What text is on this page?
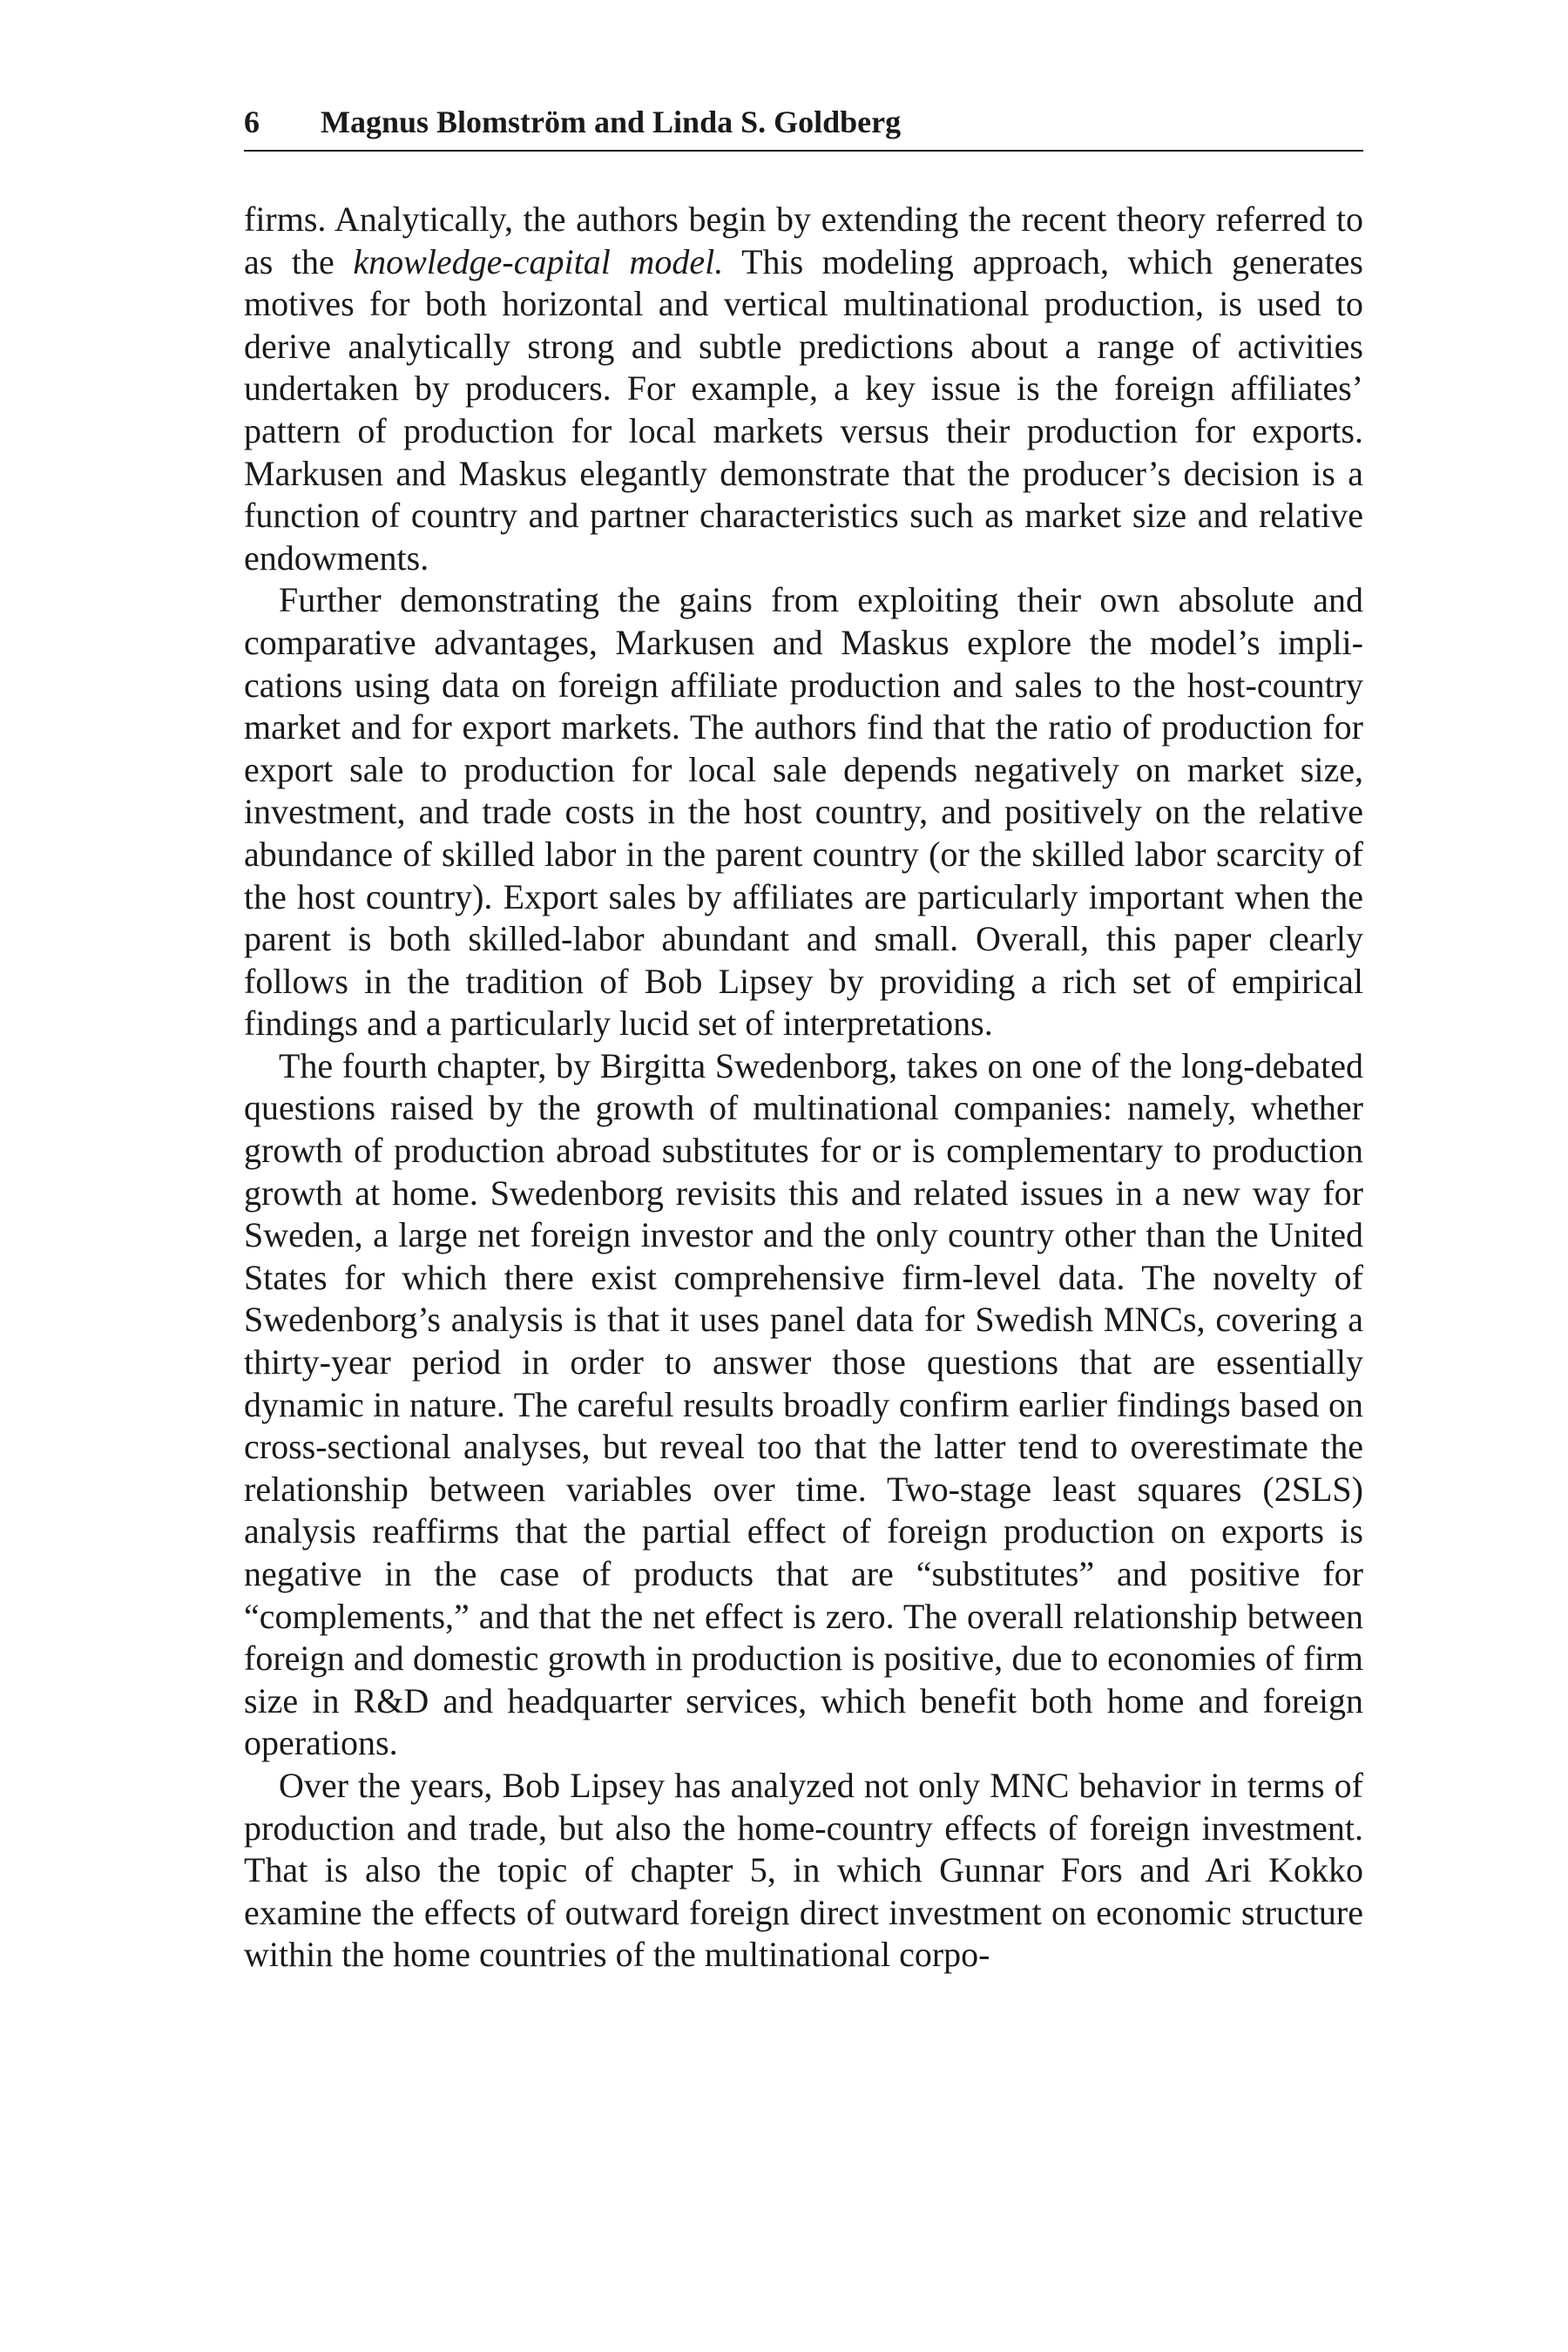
6 Magnus Blomström and Linda S. Goldberg

firms. Analytically, the authors begin by extending the recent theory referred to as the knowledge-capital model. This modeling approach, which generates motives for both horizontal and vertical multinational production, is used to derive analytically strong and subtle predictions about a range of activities undertaken by producers. For example, a key issue is the foreign affiliates’ pattern of production for local markets versus their production for exports. Markusen and Maskus elegantly demonstrate that the producer’s decision is a function of country and partner characteristics such as market size and relative endowments.

Further demonstrating the gains from exploiting their own absolute and comparative advantages, Markusen and Maskus explore the model’s implications using data on foreign affiliate production and sales to the host-country market and for export markets. The authors find that the ratio of production for export sale to production for local sale depends negatively on market size, investment, and trade costs in the host country, and positively on the relative abundance of skilled labor in the parent country (or the skilled labor scarcity of the host country). Export sales by affiliates are particularly important when the parent is both skilled-labor abundant and small. Overall, this paper clearly follows in the tradition of Bob Lipsey by providing a rich set of empirical findings and a particularly lucid set of interpretations.

The fourth chapter, by Birgitta Swedenborg, takes on one of the long-debated questions raised by the growth of multinational companies: namely, whether growth of production abroad substitutes for or is complementary to production growth at home. Swedenborg revisits this and related issues in a new way for Sweden, a large net foreign investor and the only country other than the United States for which there exist comprehensive firm-level data. The novelty of Swedenborg’s analysis is that it uses panel data for Swedish MNCs, covering a thirty-year period in order to answer those questions that are essentially dynamic in nature. The careful results broadly confirm earlier findings based on cross-sectional analyses, but reveal too that the latter tend to overestimate the relationship between variables over time. Two-stage least squares (2SLS) analysis reaffirms that the partial effect of foreign production on exports is negative in the case of products that are “substitutes” and positive for “complements,” and that the net effect is zero. The overall relationship between foreign and domestic growth in production is positive, due to economies of firm size in R&D and headquarter services, which benefit both home and foreign operations.

Over the years, Bob Lipsey has analyzed not only MNC behavior in terms of production and trade, but also the home-country effects of foreign investment. That is also the topic of chapter 5, in which Gunnar Fors and Ari Kokko examine the effects of outward foreign direct investment on economic structure within the home countries of the multinational corpo-
